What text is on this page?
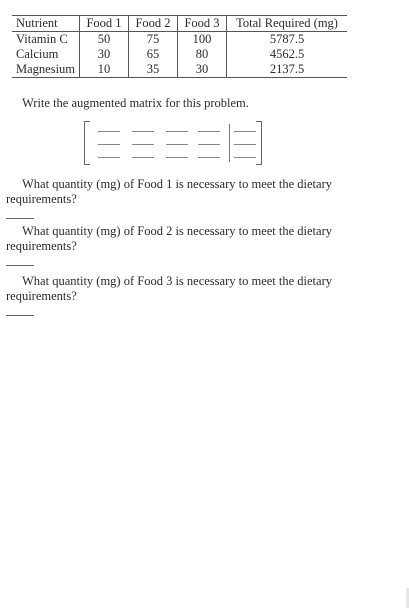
Nutrient	Food 1	Food 2	Food 3	Total Required (mg)
Vitamin C	50	75	100	5787.5
Calcium	30	65	80	4562.5
Magnesium	10	35	30	2137.5

Write the augmented matrix for this problem.

What quantity (mg) of Food 1 is necessary to meet the dietary requirements?
What quantity (mg) of Food 2 is necessary to meet the dietary requirements?
What quantity (mg) of Food 3 is necessary to meet the dietary requirements?
